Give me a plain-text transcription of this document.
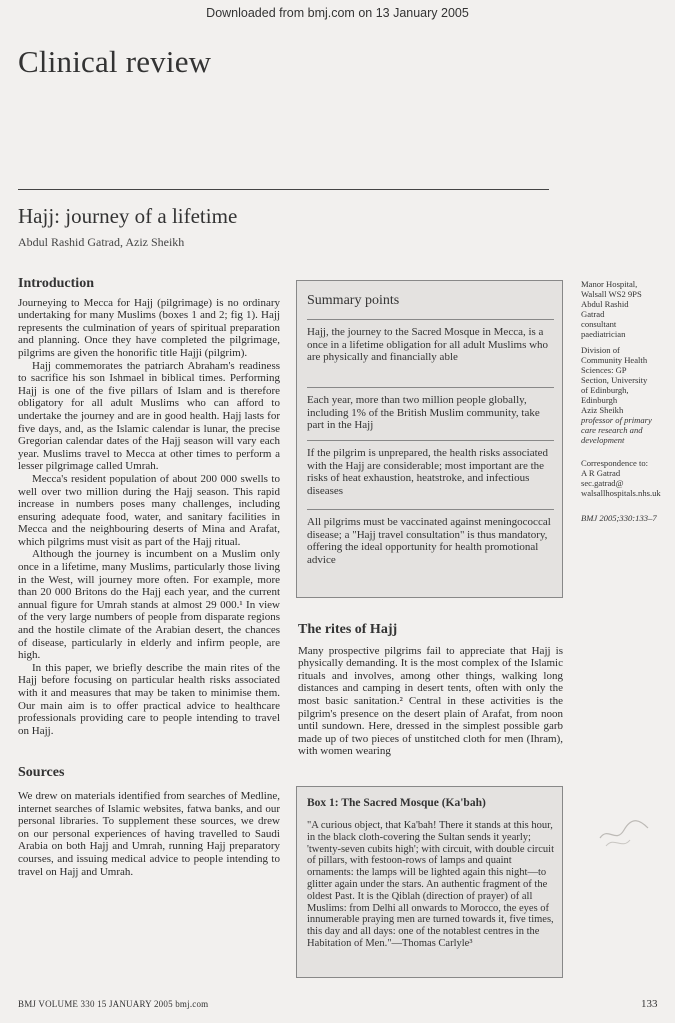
Downloaded from bmj.com on 13 January 2005
Clinical review
Hajj: journey of a lifetime
Abdul Rashid Gatrad, Aziz Sheikh
Introduction

Journeying to Mecca for Hajj (pilgrimage) is no ordinary undertaking for many Muslims (boxes 1 and 2; fig 1). Hajj represents the culmination of years of spiritual preparation and planning. Once they have completed the pilgrimage, pilgrims are given the honorific title Hajji (pilgrim).

Hajj commemorates the patriarch Abraham's readiness to sacrifice his son Ishmael in biblical times. Performing Hajj is one of the five pillars of Islam and is therefore obligatory for all adult Muslims who can afford to undertake the journey and are in good health. Hajj lasts for five days, and, as the Islamic calendar is lunar, the precise Gregorian calendar dates of the Hajj season will vary each year. Muslims travel to Mecca at other times to perform a lesser pilgrimage called Umrah.

Mecca's resident population of about 200 000 swells to well over two million during the Hajj season. This rapid increase in numbers poses many challenges, including ensuring adequate food, water, and sanitary facilities in Mecca and the neighbouring deserts of Mina and Arafat, which pilgrims must visit as part of the Hajj ritual.

Although the journey is incumbent on a Muslim only once in a lifetime, many Muslims, particularly those living in the West, will journey more often. For example, more than 20 000 Britons do the Hajj each year, and the current annual figure for Umrah stands at almost 29 000.¹ In view of the very large numbers of people from disparate regions and the hostile climate of the Arabian desert, the chances of disease, particularly in elderly and infirm people, are high.

In this paper, we briefly describe the main rites of the Hajj before focusing on particular health risks associated with it and measures that may be taken to minimise them. Our main aim is to offer practical advice to healthcare professionals providing care to people intending to travel on Hajj.

Sources

We drew on materials identified from searches of Medline, internet searches of Islamic websites, fatwa banks, and our personal libraries. To supplement these sources, we drew on our personal experiences of having travelled to Saudi Arabia on both Hajj and Umrah, running Hajj preparatory courses, and issuing medical advice to people intending to travel on Hajj and Umrah.

Summary points
Hajj, the journey to the Sacred Mosque in Mecca, is a once in a lifetime obligation for all adult Muslims who are physically and financially able
Each year, more than two million people globally, including 1% of the British Muslim community, take part in the Hajj
If the pilgrim is unprepared, the health risks associated with the Hajj are considerable; most important are the risks of heat exhaustion, heatstroke, and infectious diseases
All pilgrims must be vaccinated against meningococcal disease; a "Hajj travel consultation" is thus mandatory, offering the ideal opportunity for health promotional advice
The rites of Hajj

Many prospective pilgrims fail to appreciate that Hajj is physically demanding. It is the most complex of the Islamic rituals and involves, among other things, walking long distances and camping in desert tents, often with only the most basic sanitation.² Central in these activities is the pilgrim's presence on the desert plain of Arafat, from noon until sundown. Here, dressed in the simplest possible garb made up of two pieces of unstitched cloth for men (Ihram), with women wearing

Box 1: The Sacred Mosque (Ka'bah)
"A curious object, that Ka'bah! There it stands at this hour, in the black cloth-covering the Sultan sends it yearly; 'twenty-seven cubits high'; with circuit, with double circuit of pillars, with festoon-rows of lamps and quaint ornaments: the lamps will be lighted again this night—to glitter again under the stars. An authentic fragment of the oldest Past. It is the Qiblah (direction of prayer) of all Muslims: from Delhi all onwards to Morocco, the eyes of innumerable praying men are turned towards it, five times, this day and all days: one of the notablest centres in the Habitation of Men."—Thomas Carlyle³
Manor Hospital,
Walsall WS2 9PS
Abdul Rashid
Gatrad
consultant
paediatrician
Division of
Community Health
Sciences: GP
Section, University
of Edinburgh,
Edinburgh
Aziz Sheikh
professor of primary
care research and
development
Correspondence to:
A R Gatrad
sec.gatrad@
walsallhospitals.nhs.uk
BMJ 2005;330:133–7
BMJ VOLUME 330 15 JANUARY 2005 bmj.com	133
